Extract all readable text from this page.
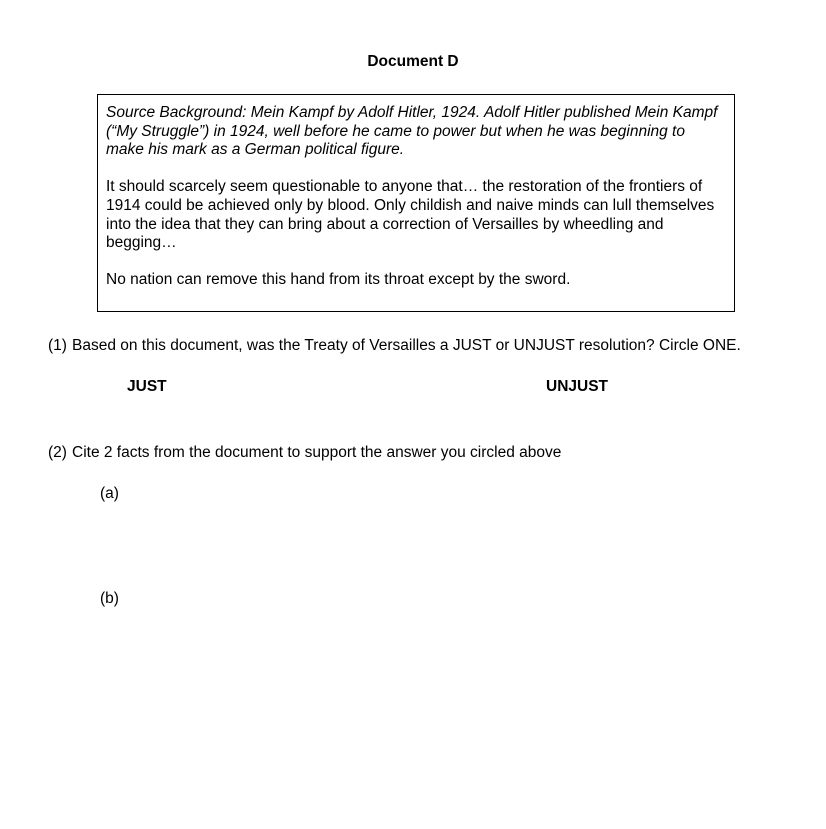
Document D

Source Background: Mein Kampf by Adolf Hitler, 1924. Adolf Hitler published Mein Kampf (“My Struggle”) in 1924, well before he came to power but when he was beginning to make his mark as a German political figure.

It should scarcely seem questionable to anyone that… the restoration of the frontiers of 1914 could be achieved only by blood. Only childish and naive minds can lull themselves into the idea that they can bring about a correction of Versailles by wheedling and begging…

No nation can remove this hand from its throat except by the sword.

(1) Based on this document, was the Treaty of Versailles a JUST or UNJUST resolution? Circle ONE.
JUST	UNJUST
(2) Cite 2 facts from the document to support the answer you circled above
(a)
(b)
